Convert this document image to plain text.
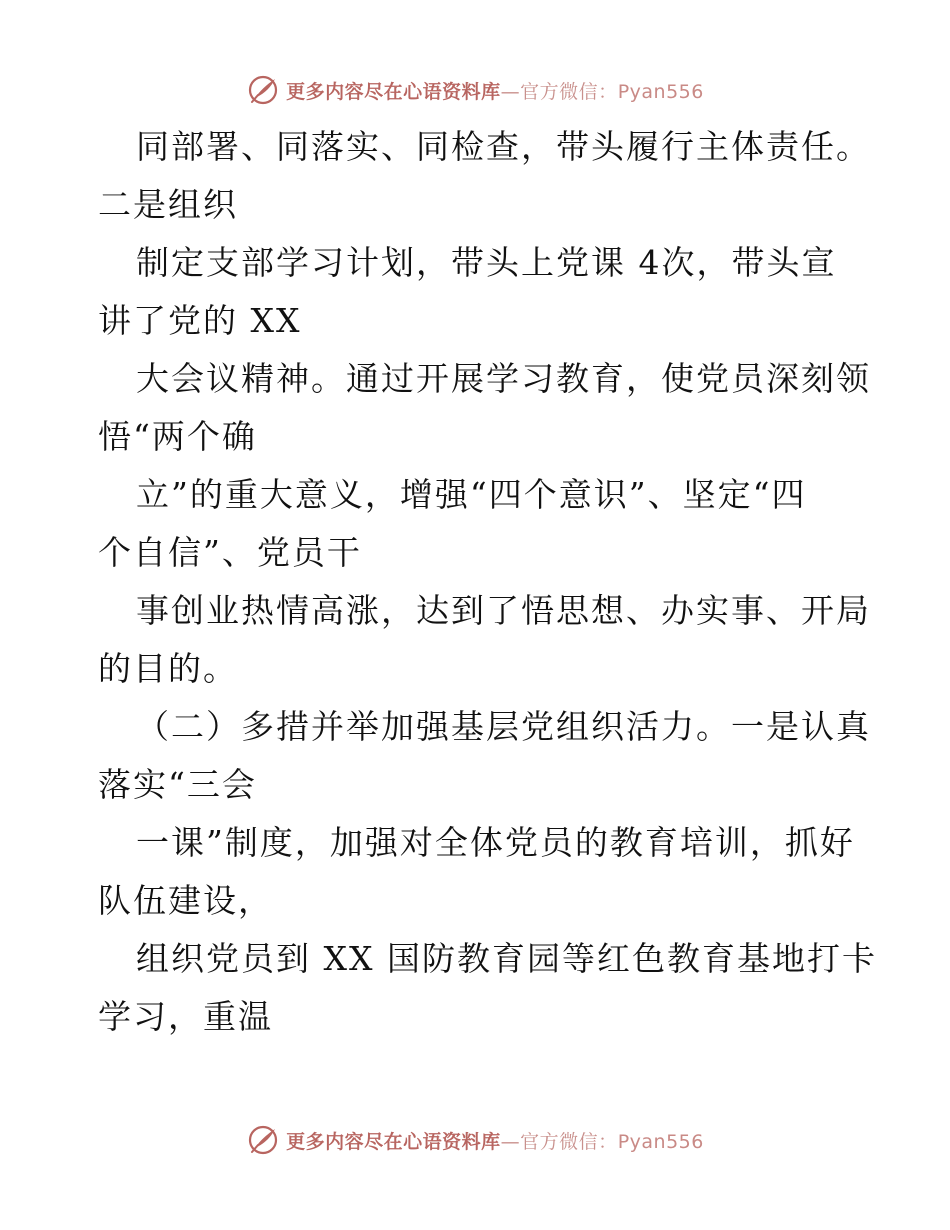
更多内容尽在心语资料库—官方微信：Pyan556
同部署、同落实、同检查，带头履行主体责任。
二是组织
制定支部学习计划，带头上党课 4次，带头宣
讲了党的 XX
大会议精神。通过开展学习教育，使党员深刻领
悟“两个确
立”的重大意义，增强“四个意识”、坚定“四
个自信”、党员干
事创业热情高涨，达到了悟思想、办实事、开局
的目的。
（二）多措并举加强基层党组织活力。一是认真
落实“三会
一课”制度，加强对全体党员的教育培训，抓好
队伍建设，
组织党员到 XX 国防教育园等红色教育基地打卡
学习，重温
更多内容尽在心语资料库—官方微信：Pyan556
